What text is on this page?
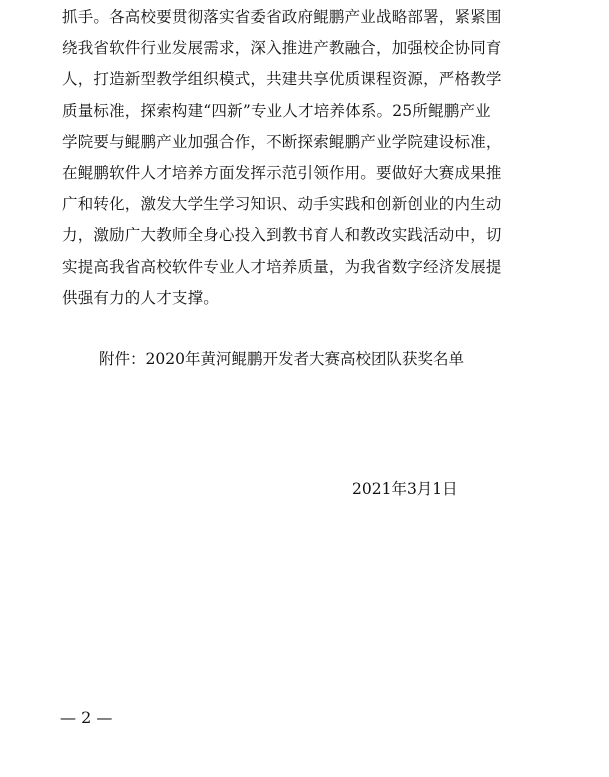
抓手。各高校要贯彻落实省委省政府鲲鹏产业战略部署，紧紧围
绕我省软件行业发展需求，深入推进产教融合，加强校企协同育
人，打造新型教学组织模式，共建共享优质课程资源，严格教学
质量标准，探索构建“四新”专业人才培养体系。25所鲲鹏产业
学院要与鲲鹏产业加强合作，不断探索鲲鹏产业学院建设标准，
在鲲鹏软件人才培养方面发挥示范引领作用。要做好大赛成果推
广和转化，激发大学生学习知识、动手实践和创新创业的内生动
力，激励广大教师全身心投入到教书育人和教改实践活动中，切
实提高我省高校软件专业人才培养质量，为我省数字经济发展提
供强有力的人才支撑。
附件：2020年黄河鲲鹏开发者大赛高校团队获奖名单
2021年3月1日
— 2 —
